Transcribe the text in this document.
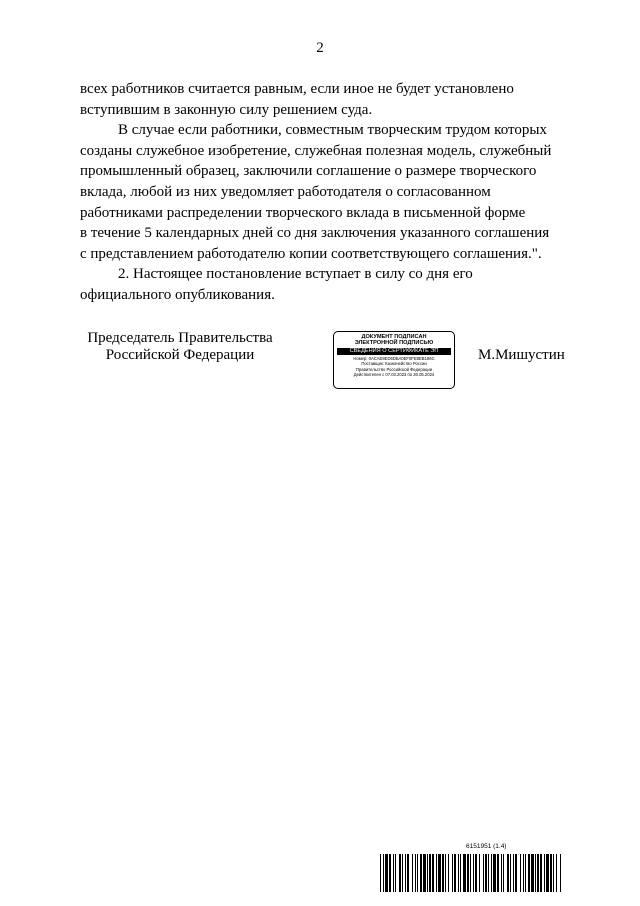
2

всех работников считается равным, если иное не будет установлено

вступившим в законную силу решением суда.

В случае если работники, совместным творческим трудом которых

созданы служебное изобретение, служебная полезная модель, служебный

промышленный образец, заключили соглашение о размере творческого

вклада, любой из них уведомляет работодателя о согласованном

работниками распределении творческого вклада в письменной форме

в течение 5 календарных дней со дня заключения указанного соглашения

с представлением работодателю копии соответствующего соглашения.".

2. Настоящее постановление вступает в силу со дня его

официального опубликования.

Председатель Правительства
Российской Федерации
ДОКУМЕНТ ПОДПИСАН
ЭЛЕКТРОННОЙ ПОДПИСЬЮ
СВЕДЕНИЯ О СЕРТИФИКАТЕ ЭП
Номер: 0АCАЕ8ЕD6DБА0ЕF0FЕ8ЕB196С
Поставщик: Казначейство России
Правительство Российской Федерации
Действителен с 07.03.2023 по 30.05.2024
М.Мишустин
6151951 (1.4)
